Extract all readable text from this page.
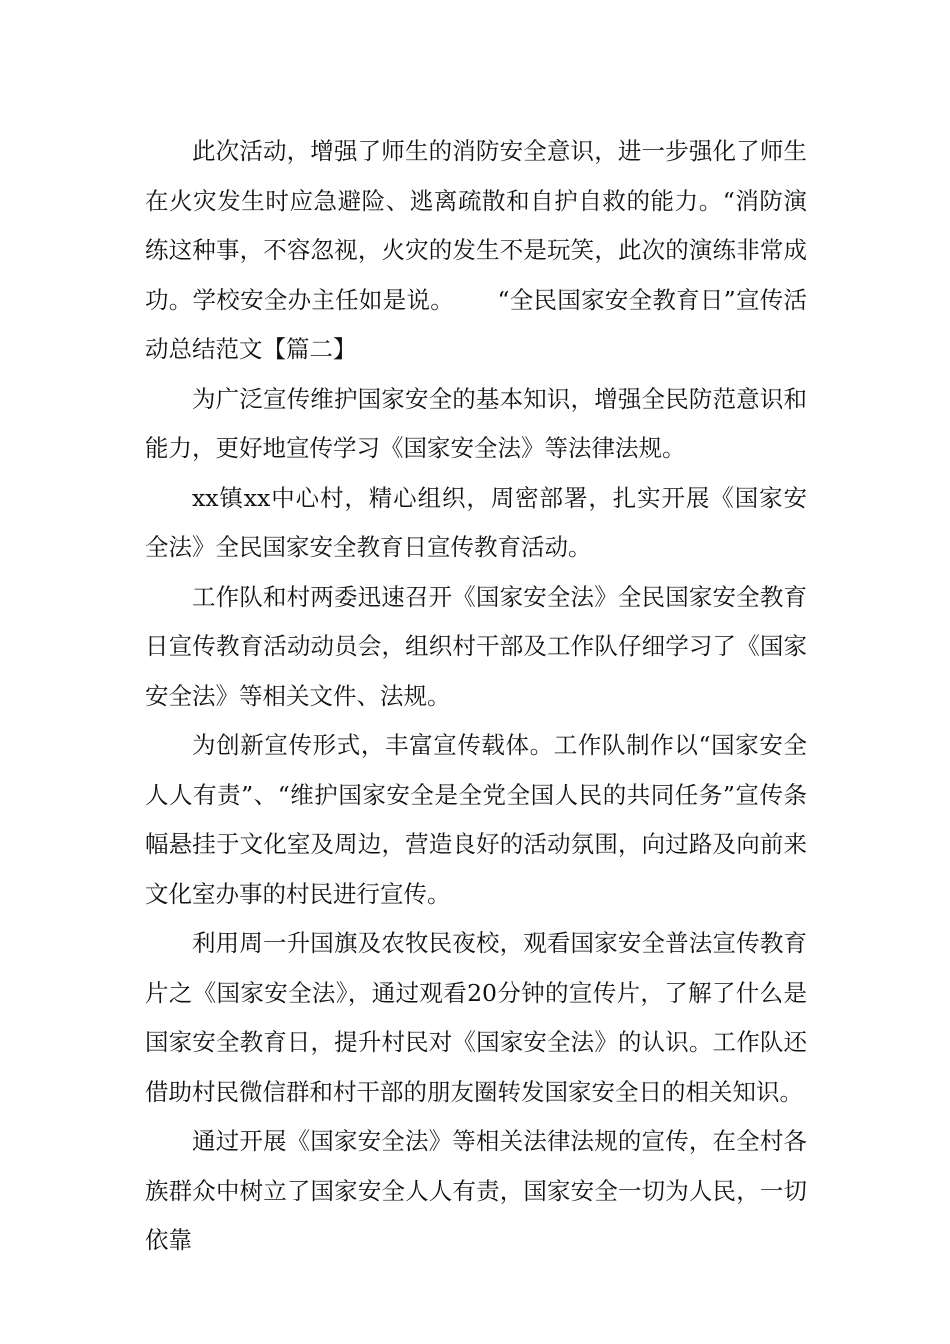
此次活动，增强了师生的消防安全意识，进一步强化了师生在火灾发生时应急避险、逃离疏散和自护自救的能力。“消防演练这种事，不容忽视，火灾的发生不是玩笑，此次的演练非常成功。学校安全办主任如是说。　　 “全民国家安全教育日”宣传活动总结范文【篇二】

为广泛宣传维护国家安全的基本知识，增强全民防范意识和能力，更好地宣传学习《国家安全法》等法律法规。

xx镇xx中心村，精心组织，周密部署，扎实开展《国家安全法》全民国家安全教育日宣传教育活动。

工作队和村两委迅速召开《国家安全法》全民国家安全教育日宣传教育活动动员会，组织村干部及工作队仔细学习了《国家安全法》等相关文件、法规。

为创新宣传形式，丰富宣传载体。工作队制作以“国家安全人人有责”、“维护国家安全是全党全国人民的共同任务”宣传条幅悬挂于文化室及周边，营造良好的活动氛围，向过路及向前来文化室办事的村民进行宣传。

利用周一升国旗及农牧民夜校，观看国家安全普法宣传教育片之《国家安全法》，通过观看20分钟的宣传片，了解了什么是国家安全教育日，提升村民对《国家安全法》的认识。工作队还借助村民微信群和村干部的朋友圈转发国家安全日的相关知识。

通过开展《国家安全法》等相关法律法规的宣传，在全村各族群众中树立了国家安全人人有责，国家安全一切为人民，一切依靠
